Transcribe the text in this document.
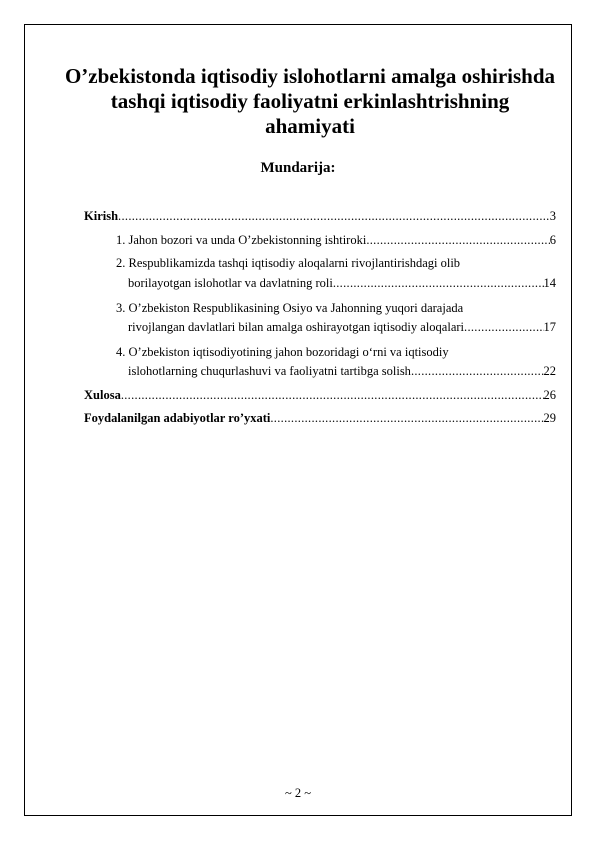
O’zbekistonda iqtisodiy islohotlarni amalga oshirishda
tashqi iqtisodiy faoliyatni erkinlashtrishning
ahamiyati
Mundarija:
Kirish .....	3
1. Jahon bozori va unda O’zbekistonning ishtiroki .....	6
2. Respublikamizda tashqi iqtisodiy aloqalarni rivojlantirishdagi olib
borilayotgan islohotlar va davlatning roli .....	14
3. O’zbekiston Respublikasining Osiyo va Jahonning yuqori darajada
rivojlangan davlatlari bilan amalga oshirayotgan iqtisodiy aloqalari .....	17
4. O’zbekiston iqtisodiyotining jahon bozoridagi o‘rni va iqtisodiy
islohotlarning chuqurlashuvi va faoliyatni tartibga solish .....	22
Xulosa .....	26
Foydalanilgan adabiyotlar ro’yxati .....	29
~ 2 ~
